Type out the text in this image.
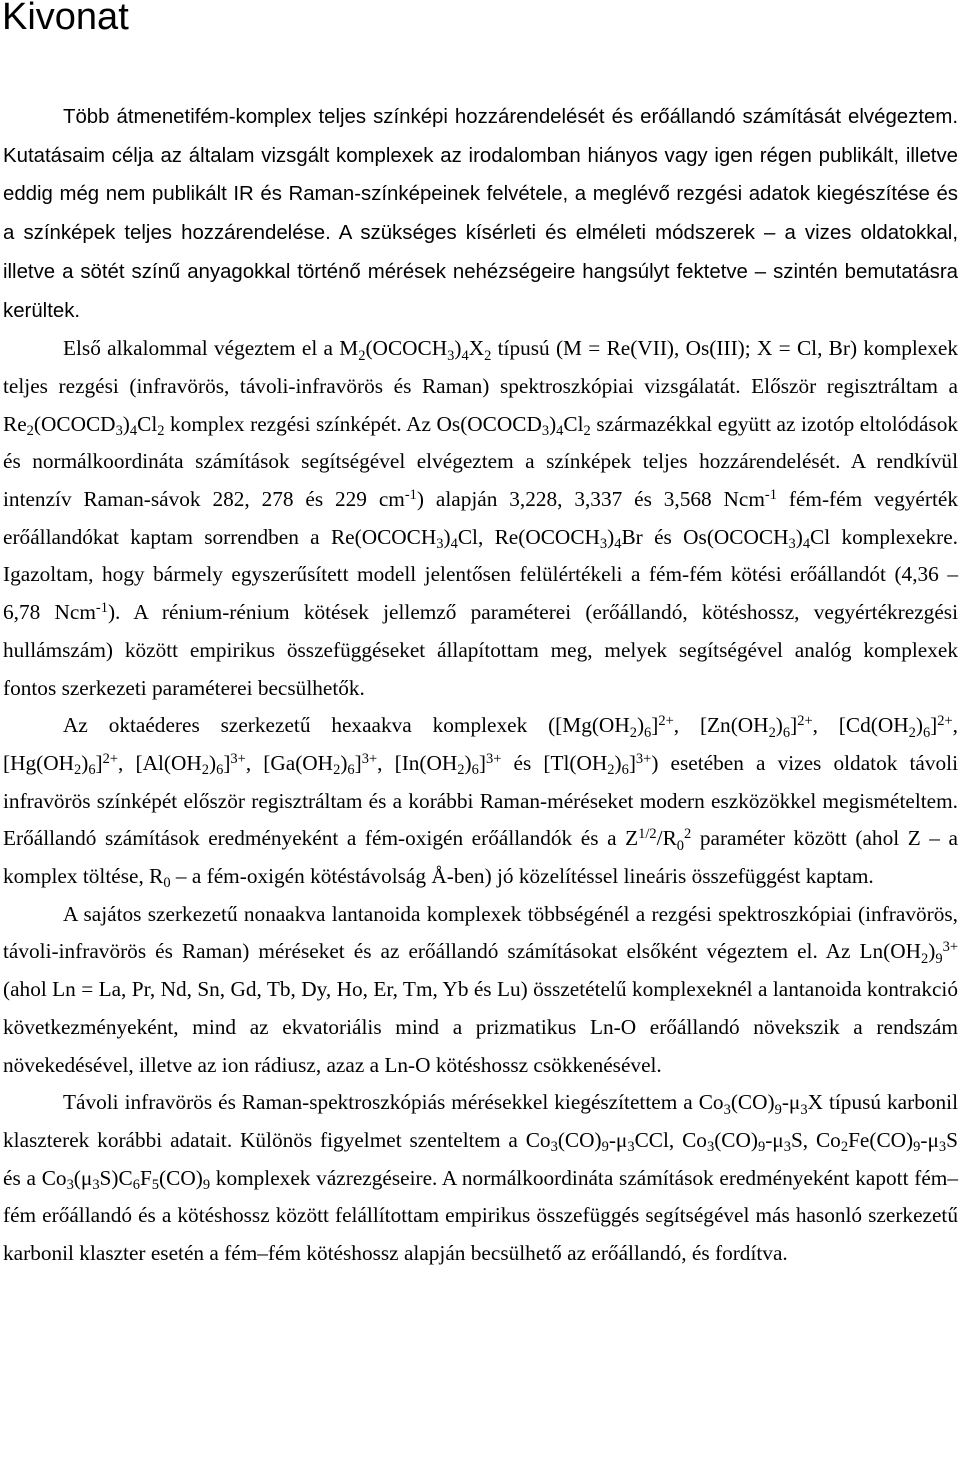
Kivonat

Több átmenetifém-komplex teljes színképi hozzárendelését és erőállandó számítását elvégeztem. Kutatásaim célja az általam vizsgált komplexek az irodalomban hiányos vagy igen régen publikált, illetve eddig még nem publikált IR és Raman-színképeinek felvétele, a meglévő rezgési adatok kiegészítése és a színképek teljes hozzárendelése. A szükséges kísérleti és elméleti módszerek – a vizes oldatokkal, illetve a sötét színű anyagokkal történő mérések nehézségeire hangsúlyt fektetve – szintén bemutatásra kerültek.

Első alkalommal végeztem el a $M_2(OCOCH_3)_4X_2$ típusú (M = Re(VII), Os(III); X = Cl, Br) komplexek teljes rezgési (infravörös, távoli-infravörös és Raman) spektroszkópiai vizsgálatát. Először regisztráltam a $Re_2(OCOCD_3)_4Cl_2$ komplex rezgési színképét. Az $Os(OCOCD_3)_4Cl_2$ származékkal együtt az izotóp eltolódások és normálkoordináta számítások segítségével elvégeztem a színképek teljes hozzárendelését. A rendkívül intenzív Raman-sávok 282, 278 és 229 $cm^{-1}$) alapján 3,228, 3,337 és 3,568 Ncm$^{-1}$ fém-fém vegyérték erőállandókat kaptam sorrendben a $Re(OCOCH_3)_4Cl$, $Re(OCOCH_3)_4Br$ és $Os(OCOCH_3)_4Cl$ komplexekre. Igazoltam, hogy bármely egyszerűsített modell jelentősen felülértékeli a fém-fém kötési erőállandót (4,36 – 6,78 Ncm$^{-1}$). A rénium-rénium kötések jellemző paraméterei (erőállandó, kötéshossz, vegyértékrezgési hullámszám) között empirikus összefüggéseket állapítottam meg, melyek segítségével analóg komplexek fontos szerkezeti paraméterei becsülhetők.

Az oktaéderes szerkezetű hexaakva komplexek ($[Mg(OH_2)_6]^{2+}$, $[Zn(OH_2)_6]^{2+}$, $[Cd(OH_2)_6]^{2+}$, $[Hg(OH_2)_6]^{2+}$, $[Al(OH_2)_6]^{3+}$, $[Ga(OH_2)_6]^{3+}$, $[In(OH_2)_6]^{3+}$ és $[Tl(OH_2)_6]^{3+}$) esetében a vizes oldatok távoli infravörös színképét először regisztráltam és a korábbi Raman-méréseket modern eszközökkel megismételtem. Erőállandó számítások eredményeként a fém-oxigén erőállandók és a $Z^{1/2}/R_0^2$ paraméter között (ahol Z – a komplex töltése, $R_0$ – a fém-oxigén kötéstávolság Å-ben) jó közelítéssel lineáris összefüggést kaptam.

A sajátos szerkezetű nonaakva lantanoida komplexek többségénél a rezgési spektroszkópiai (infravörös, távoli-infravörös és Raman) méréseket és az erőállandó számításokat elsőként végeztem el. Az $Ln(OH_2)_9^{3+}$ (ahol Ln = La, Pr, Nd, Sn, Gd, Tb, Dy, Ho, Er, Tm, Yb és Lu) összetételű komplexeknél a lantanoida kontrakció következményeként, mind az ekvatoriális mind a prizmatikus Ln-O erőállandó növekszik a rendszám növekedésével, illetve az ion rádiusz, azaz a Ln-O kötéshossz csökkenésével.

Távoli infravörös és Raman-spektroszkópiás mérésekkel kiegészítettem a $Co_3(CO)_9-\mu_3X$ típusú karbonil klaszterek korábbi adatait. Különös figyelmet szenteltem a $Co_3(CO)_9-\mu_3CCl$, $Co_3(CO)_9-\mu_3S$, $Co_2Fe(CO)_9-\mu_3S$ és a $Co_3(\mu_3S)C_6F_5(CO)_9$ komplexek vázrezgéseire. A normálkoordináta számítások eredményeként kapott fém–fém erőállandó és a kötéshossz között felállítottam empirikus összefüggés segítségével más hasonló szerkezetű karbonil klaszter esetén a fém–fém kötéshossz alapján becsülhető az erőállandó, és fordítva.
